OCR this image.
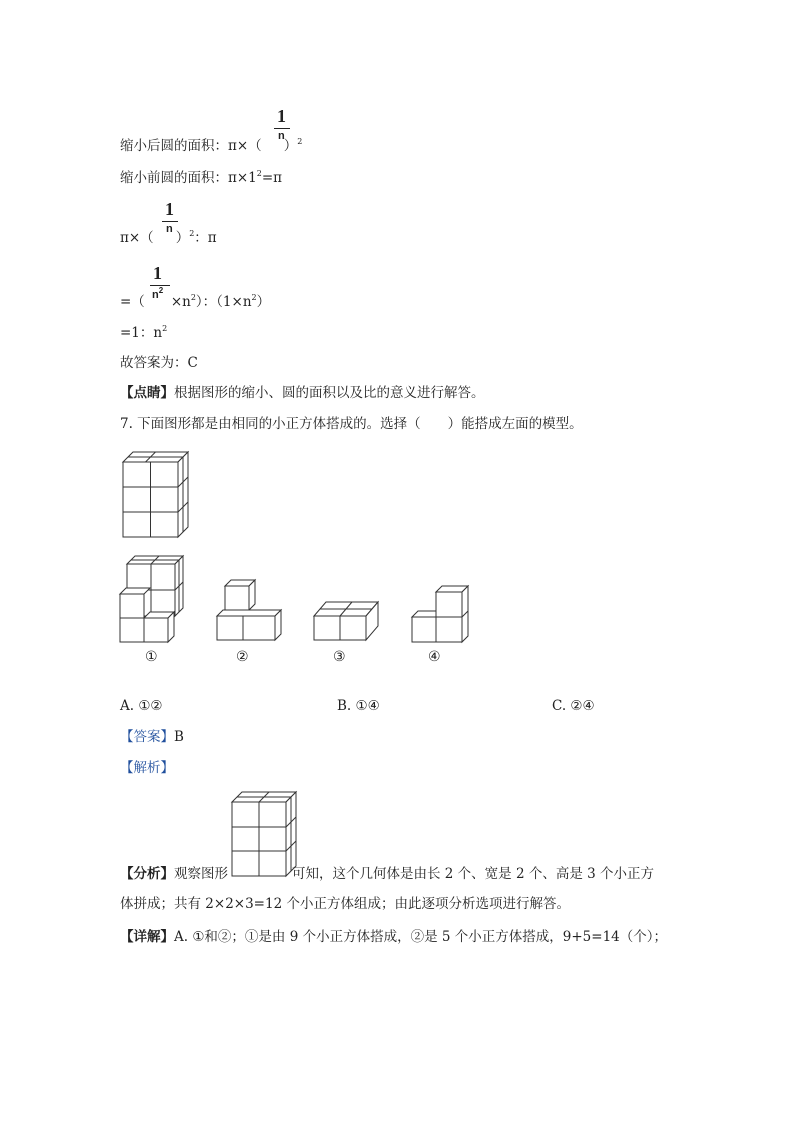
缩小后圆的面积：π×（ ）$^2$
1
n
缩小前圆的面积：$\pi\times 1^2=\pi$
π×（ ）$^2$：π
1
n
=（ $\times n^2$）：$(1\times n^2)$
1
$n^2$
=1：$n^2$
故答案为：C
【点睛】根据图形的缩小、圆的面积以及比的意义进行解答。
7. 下面图形都是由相同的小正方体搭成的。选择（　　）能搭成左面的模型。
①	②	③	④
A. ①②	B. ①④	C. ②④
【答案】B
【解析】
【分析】观察图形	可知，这个几何体是由长 2 个、宽是 2 个、高是 3 个小正方
体拼成；共有 2×2×3=12 个小正方体组成；由此逐项分析选项进行解答。
【详解】A. ①和②；①是由 9 个小正方体搭成，②是 5 个小正方体搭成，9+5=14（个）；
